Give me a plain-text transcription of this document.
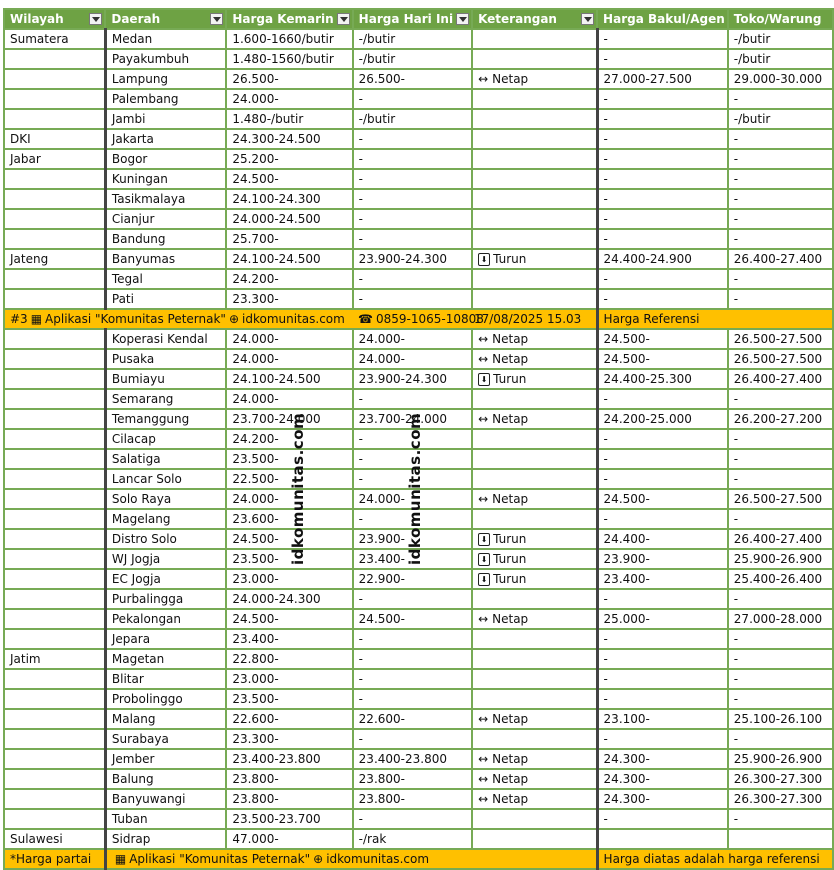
Wilayah	Daerah	Harga Kemarin	Harga Hari Ini	Keterangan	Harga Bakul/Agen	Toko/Warung
Sumatera	Medan	1.600-1660/butir	-/butir		-	-/butir
	Payakumbuh	1.480-1560/butir	-/butir		-	-/butir
	Lampung	26.500-	26.500-	↔ Netap	27.000-27.500	29.000-30.000
	Palembang	24.000-	-		-	-
	Jambi	1.480-/butir	-/butir		-	-/butir
DKI	Jakarta	24.300-24.500	-		-	-
Jabar	Bogor	25.200-	-		-	-
	Kuningan	24.500-	-		-	-
	Tasikmalaya	24.100-24.300	-		-	-
	Cianjur	24.000-24.500	-		-	-
	Bandung	25.700-	-		-	-
Jateng	Banyumas	24.100-24.500	23.900-24.300	⬇ Turun	24.400-24.900	26.400-27.400
	Tegal	24.200-	-		-	-
	Pati	23.300-	-		-	-
#3 ▦ Aplikasi "Komunitas Peternak" ⊕ idkomunitas.com ☎ 0859-1065-1080817/08/2025 15.03					Harga Referensi	
	Koperasi Kendal	24.000-	24.000-	↔ Netap	24.500-	26.500-27.500
	Pusaka	24.000-	24.000-	↔ Netap	24.500-	26.500-27.500
	Bumiayu	24.100-24.500	23.900-24.300	⬇ Turun	24.400-25.300	26.400-27.400
	Semarang	24.000-	-		-	-
	Temanggung	23.700-24.000	23.700-24.000	↔ Netap	24.200-25.000	26.200-27.200
	Cilacap	24.200-	-		-	-
	Salatiga	23.500-	-		-	-
	Lancar Solo	22.500-	-		-	-
	Solo Raya	24.000-	24.000-	↔ Netap	24.500-	26.500-27.500
	Magelang	23.600-	-		-	-
	Distro Solo	24.500-	23.900-	⬇ Turun	24.400-	26.400-27.400
	WJ Jogja	23.500-	23.400-	⬇ Turun	23.900-	25.900-26.900
	EC Jogja	23.000-	22.900-	⬇ Turun	23.400-	25.400-26.400
	Purbalingga	24.000-24.300	-		-	-
	Pekalongan	24.500-	24.500-	↔ Netap	25.000-	27.000-28.000
	Jepara	23.400-	-		-	-
Jatim	Magetan	22.800-	-		-	-
	Blitar	23.000-	-		-	-
	Probolinggo	23.500-	-		-	-
	Malang	22.600-	22.600-	↔ Netap	23.100-	25.100-26.100
	Surabaya	23.300-	-		-	-
	Jember	23.400-23.800	23.400-23.800	↔ Netap	24.300-	25.900-26.900
	Balung	23.800-	23.800-	↔ Netap	24.300-	26.300-27.300
	Banyuwangi	23.800-	23.800-	↔ Netap	24.300-	26.300-27.300
	Tuban	23.500-23.700	-		-	-
Sulawesi	Sidrap	47.000-	-/rak			
*Harga partai	▦ Aplikasi "Komunitas Peternak" ⊕ idkomunitas.com				Harga diatas adalah harga referensi	
idkomunitas.com	idkomunitas.com
